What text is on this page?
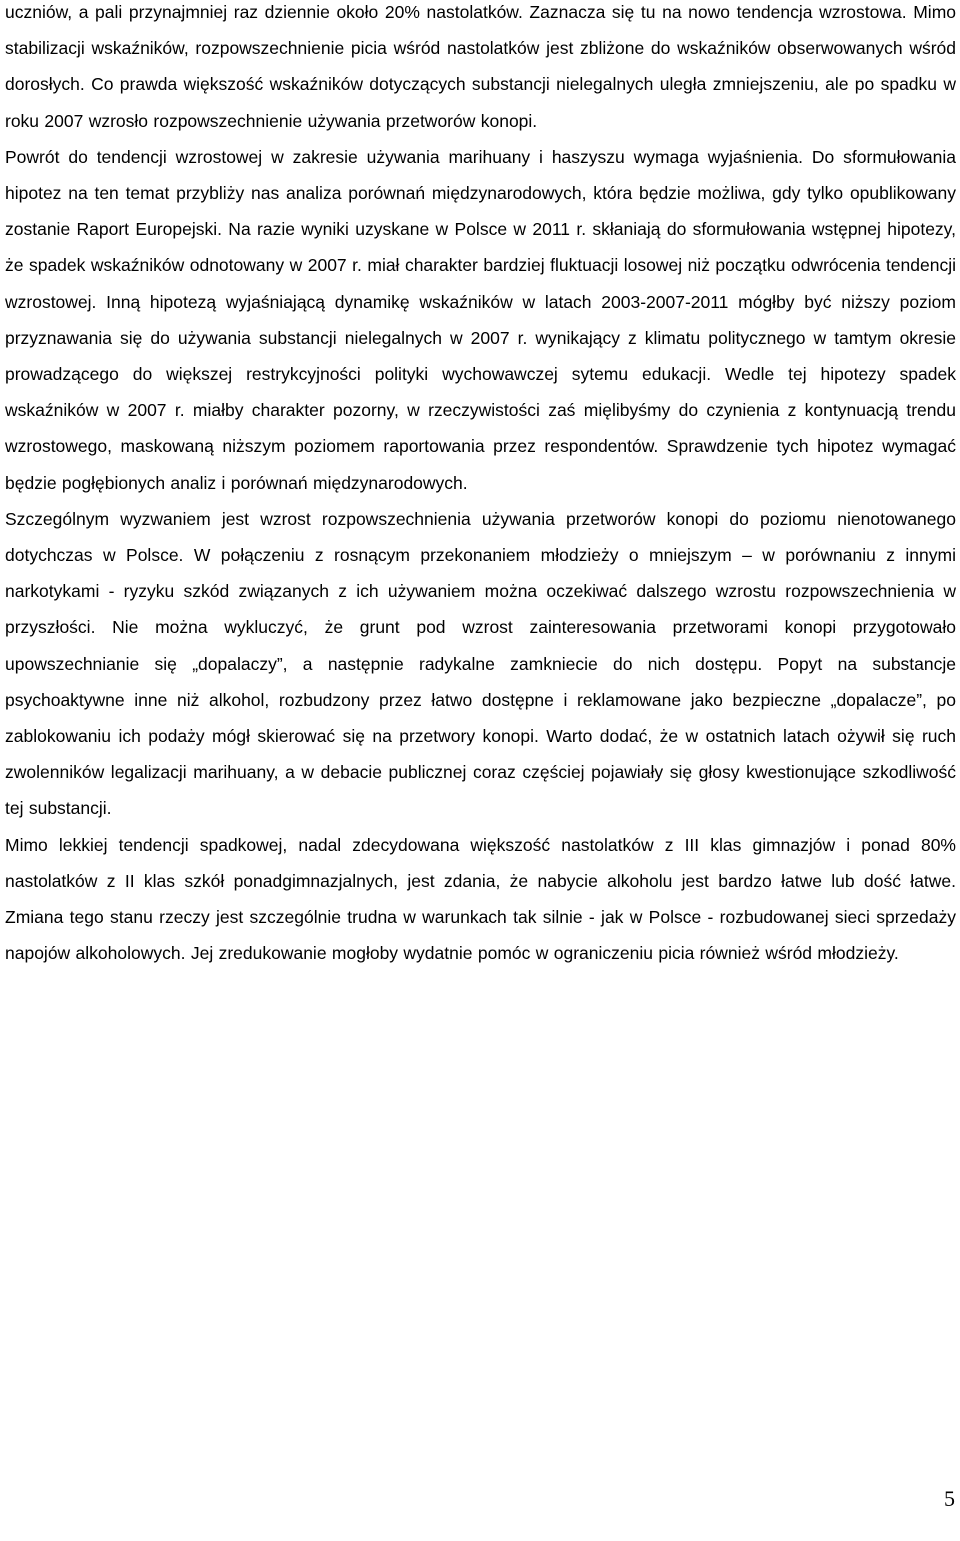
uczniów, a pali przynajmniej raz dziennie około 20% nastolatków. Zaznacza się tu na nowo tendencja wzrostowa. Mimo stabilizacji wskaźników, rozpowszechnienie picia wśród nastolatków jest zbliżone do wskaźników obserwowanych wśród dorosłych. Co prawda większość wskaźników dotyczących substancji nielegalnych uległa zmniejszeniu, ale po spadku w roku 2007 wzrosło rozpowszechnienie używania przetworów konopi.

Powrót do tendencji wzrostowej w zakresie używania marihuany i haszyszu wymaga wyjaśnienia. Do sformułowania hipotez na ten temat przybliży nas analiza porównań międzynarodowych, która będzie możliwa, gdy tylko opublikowany zostanie Raport Europejski. Na razie wyniki uzyskane w Polsce w 2011 r. skłaniają do sformułowania wstępnej hipotezy, że spadek wskaźników odnotowany w 2007 r. miał charakter bardziej fluktuacji losowej niż początku odwrócenia tendencji wzrostowej. Inną hipotezą wyjaśniającą dynamikę wskaźników w latach 2003-2007-2011 mógłby być niższy poziom przyznawania się do używania substancji nielegalnych w 2007 r. wynikający z klimatu politycznego w tamtym okresie prowadzącego do większej restrykcyjności polityki wychowawczej sytemu edukacji. Wedle tej hipotezy spadek wskaźników w 2007 r. miałby charakter pozorny, w rzeczywistości zaś mięlibyśmy do czynienia z kontynuacją trendu wzrostowego, maskowaną niższym poziomem raportowania przez respondentów. Sprawdzenie tych hipotez wymagać będzie pogłębionych analiz i porównań międzynarodowych.

Szczególnym wyzwaniem jest wzrost rozpowszechnienia używania przetworów konopi do poziomu nienotowanego dotychczas w Polsce. W połączeniu z rosnącym przekonaniem młodzieży o mniejszym – w porównaniu z innymi narkotykami - ryzyku szkód związanych z ich używaniem można oczekiwać dalszego wzrostu rozpowszechnienia w przyszłości. Nie można wykluczyć, że grunt pod wzrost zainteresowania przetworami konopi przygotowało upowszechnianie się „dopalaczy”, a następnie radykalne zamkniecie do nich dostępu. Popyt na substancje psychoaktywne inne niż alkohol, rozbudzony przez łatwo dostępne i reklamowane jako bezpieczne „dopalacze”, po zablokowaniu ich podaży mógł skierować się na przetwory konopi. Warto dodać, że w ostatnich latach ożywił się ruch zwolenników legalizacji marihuany, a w debacie publicznej coraz częściej pojawiały się głosy kwestionujące szkodliwość tej substancji.

Mimo lekkiej tendencji spadkowej, nadal zdecydowana większość nastolatków z III klas gimnazjów i ponad 80% nastolatków z II klas szkół ponadgimnazjalnych, jest zdania, że nabycie alkoholu jest bardzo łatwe lub dość łatwe. Zmiana tego stanu rzeczy jest szczególnie trudna w warunkach tak silnie - jak w Polsce - rozbudowanej sieci sprzedaży napojów alkoholowych. Jej zredukowanie mogłoby wydatnie pomóc w ograniczeniu picia również wśród młodzieży.

5
